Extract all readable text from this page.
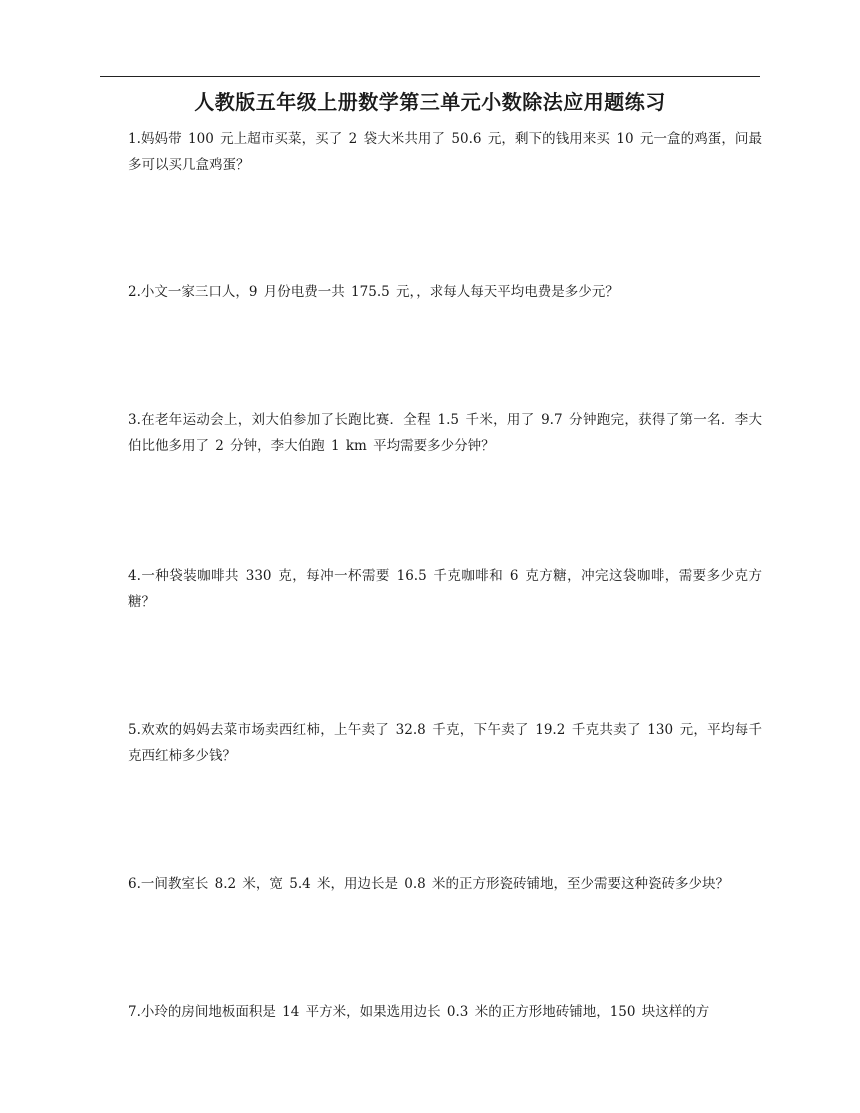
人教版五年级上册数学第三单元小数除法应用题练习
1.妈妈带 100 元上超市买菜，买了 2 袋大米共用了 50.6 元，剩下的钱用来买 10 元一盒的鸡蛋，问最多可以买几盒鸡蛋？
2.小文一家三口人，9 月份电费一共 175.5 元，，求每人每天平均电费是多少元？
3.在老年运动会上，刘大伯参加了长跑比赛．全程 1.5 千米，用了 9.7 分钟跑完，获得了第一名．李大伯比他多用了 2 分钟，李大伯跑 1 km 平均需要多少分钟？
4.一种袋装咖啡共 330 克，每冲一杯需要 16.5 千克咖啡和 6 克方糖，冲完这袋咖啡，需要多少克方糖？
5.欢欢的妈妈去菜市场卖西红柿，上午卖了 32.8 千克，下午卖了 19.2 千克共卖了 130 元，平均每千克西红柿多少钱？
6.一间教室长 8.2 米，宽 5.4 米，用边长是 0.8 米的正方形瓷砖铺地，至少需要这种瓷砖多少块？
7.小玲的房间地板面积是 14 平方米，如果选用边长 0.3 米的正方形地砖铺地，150 块这样的方
